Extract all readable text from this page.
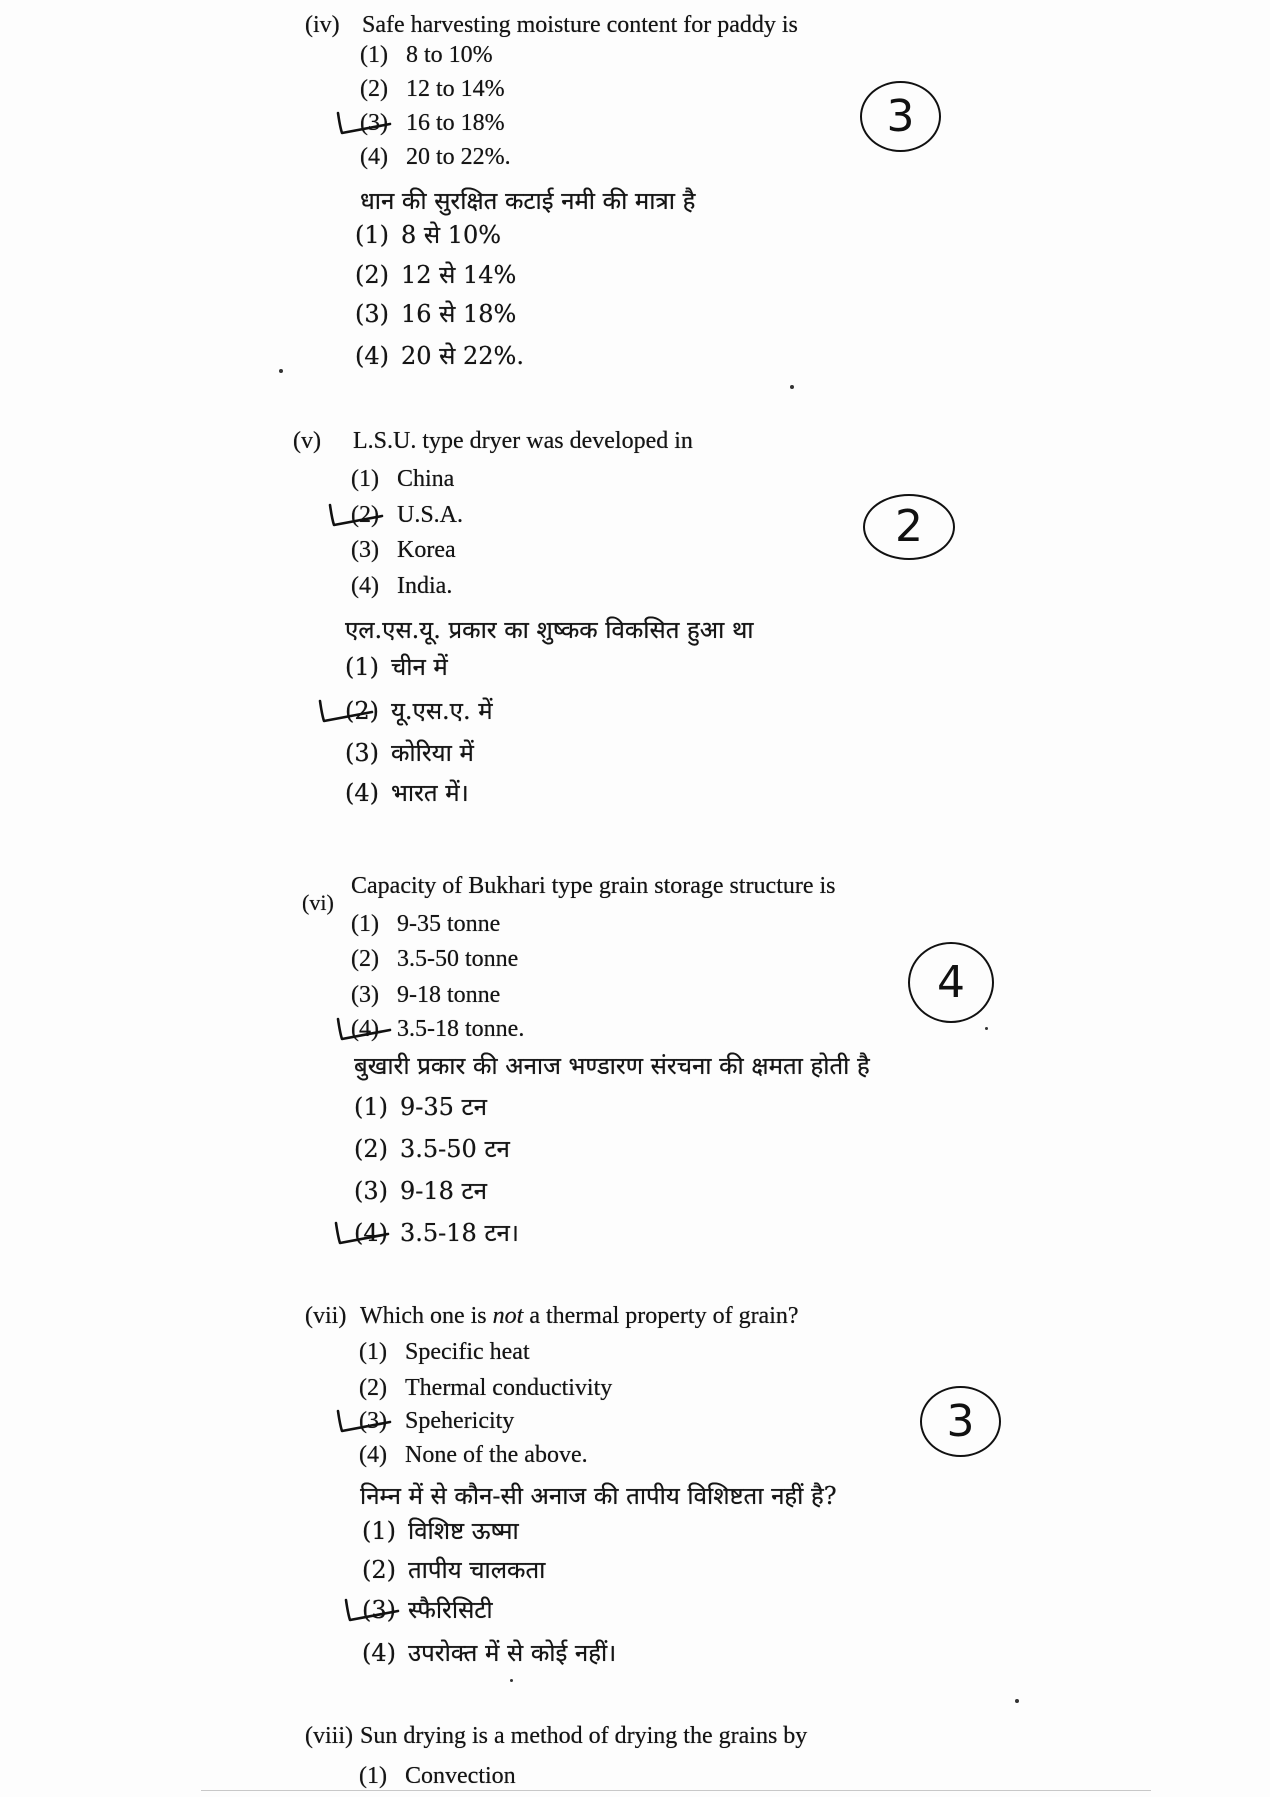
(iv) Safe harvesting moisture content for paddy is
(1) 8 to 10%
(2) 12 to 14%
(3) 16 to 18%
(4) 20 to 22%.
धान की सुरक्षित कटाई नमी की मात्रा है
(1) 8 से 10%
(2) 12 से 14%
(3) 16 से 18%
(4) 20 से 22%.
3
(v) L.S.U. type dryer was developed in
(1) China
(2) U.S.A.
(3) Korea
(4) India.
एल.एस.यू. प्रकार का शुष्कक विकसित हुआ था
(1) चीन में
(2) यू.एस.ए. में
(3) कोरिया में
(4) भारत में।
2
(vi)
Capacity of Bukhari type grain storage structure is
(1) 9-35 tonne
(2) 3.5-50 tonne
(3) 9-18 tonne
(4) 3.5-18 tonne.
बुखारी प्रकार की अनाज भण्डारण संरचना की क्षमता होती है
(1) 9-35 टन
(2) 3.5-50 टन
(3) 9-18 टन
(4) 3.5-18 टन।
4
(vii) Which one is not a thermal property of grain?
(1) Specific heat
(2) Thermal conductivity
(3) Spehericity
(4) None of the above.
निम्न में से कौन-सी अनाज की तापीय विशिष्टता नहीं है?
(1) विशिष्ट ऊष्मा
(2) तापीय चालकता
(3) स्फैरिसिटी
(4) उपरोक्त में से कोई नहीं।
3
(viii) Sun drying is a method of drying the grains by
(1) Convection
